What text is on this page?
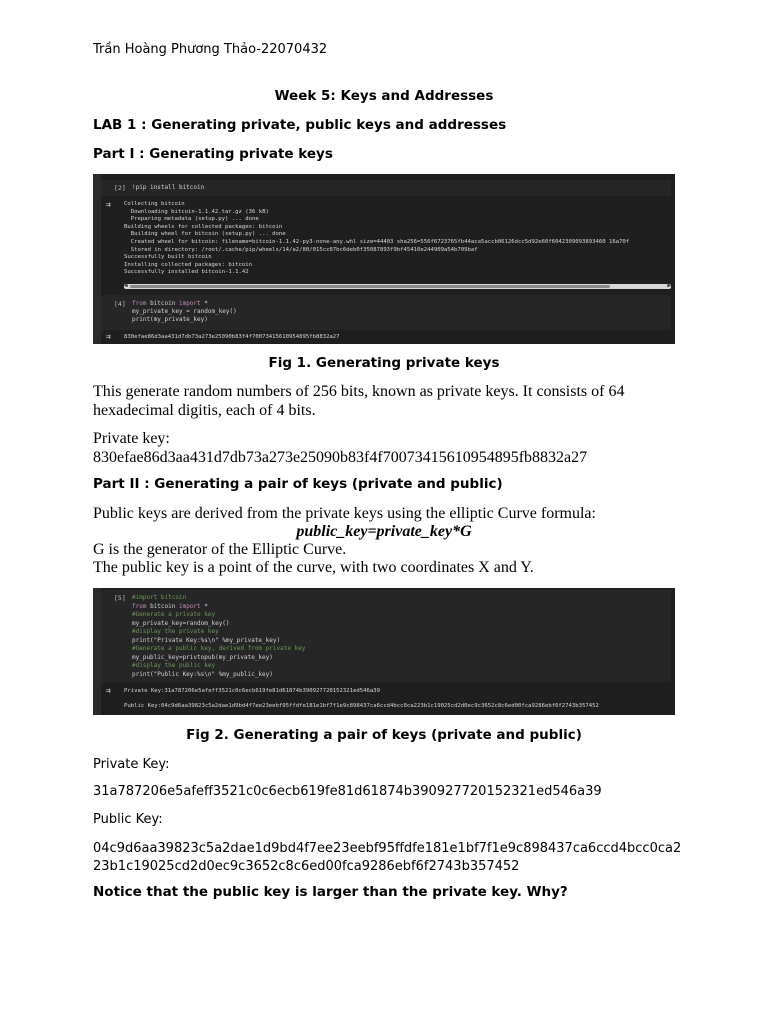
Trần Hoàng Phương Thảo-22070432
Week 5: Keys and Addresses
LAB 1 : Generating private, public keys and addresses
Part I : Generating private keys
[2] !pip install bitcoin
⇉ Collecting bitcoin
Downloading bitcoin-1.1.42.tar.gz (36 kB)
Preparing metadata (setup.py) ... done
Building wheels for collected packages: bitcoin
Building wheel for bitcoin (setup.py) ... done
Created wheel for bitcoin: filename=bitcoin-1.1.42-py3-none-any.whl size=44403 sha256=556f6723765fb44aca5accb06126dcc5d92e60f6042309093893460 16a70f
Stored in directory: /root/.cache/pip/wheels/14/a2/80/015cc07bc6deb0f35087893f9bf45410e244909a54b709baf
Successfully built bitcoin
Installing collected packages: bitcoin
Successfully installed bitcoin-1.1.42
◀	▶
[4] from bitcoin import *
my_private_key = random_key()
print(my_private_key)
⇉ 830efae86d3aa431d7db73a273e25090b83f4f70073415610954895fb8832a27
Fig 1. Generating private keys
This generate random numbers of 256 bits, known as private keys. It consists of 64 hexadecimal digitis, each of 4 bits.
Private key:
830efae86d3aa431d7db73a273e25090b83f4f70073415610954895fb8832a27
Part II : Generating a pair of keys (private and public)
Public keys are derived from the private keys using the elliptic Curve formula:
public_key=private_key*G
G is the generator of the Elliptic Curve.
The public key is a point of the curve, with two coordinates X and Y.
[5] #import bitcoin
from bitcoin import *
#Generate a private key
my_private_key=random_key()
#display the private key
print("Private Key:%s\n" %my_private_key)
#Generate a public key, derived from private key
my_public_key=privtopub(my_private_key)
#display the public key
print("Public Key:%s\n" %my_public_key)
⇉ Private Key:31a787206e5afeff3521c0c6ecb619fe81d61874b390927720152321ed546a39
Public Key:04c9d6aa39823c5a2dae1d9bd4f7ee23eebf95ffdfe181e1bf7f1e9c898437ca6ccd4bcc0ca223b1c19025cd2d0ec9c3652c8c6ed00fca9286ebf6f2743b357452
Fig 2. Generating a pair of keys (private and public)
Private Key:
31a787206e5afeff3521c0c6ecb619fe81d61874b390927720152321ed546a39
Public Key:
04c9d6aa39823c5a2dae1d9bd4f7ee23eebf95ffdfe181e1bf7f1e9c898437ca6ccd4bcc0ca223b1c19025cd2d0ec9c3652c8c6ed00fca9286ebf6f2743b357452
Notice that the public key is larger than the private key. Why?
